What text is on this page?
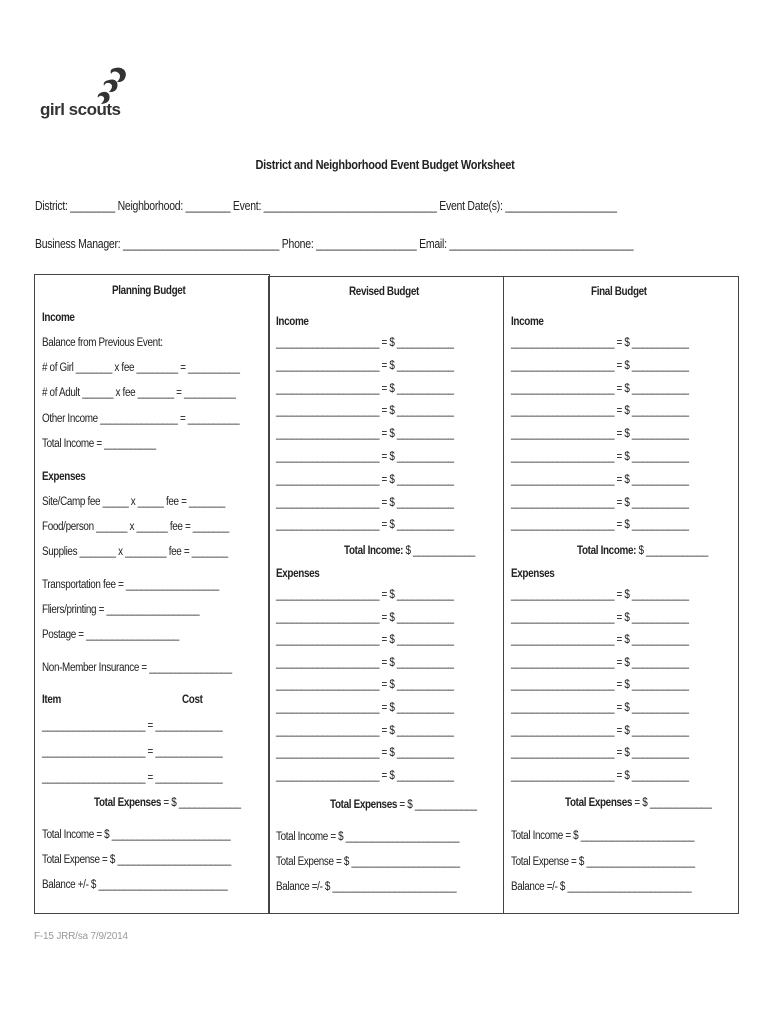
girl scouts
District and Neighborhood Event Budget Worksheet
District: ________ Neighborhood: ________ Event: _______________________________ Event Date(s): ____________________
Business Manager: ____________________________ Phone: __________________ Email: _________________________________
Planning Budget
Income
Balance from Previous Event:
# of Girl _______ x fee ________ = __________
# of Adult ______ x fee _______ = __________
Other Income _______________ = __________
Total Income = __________
Expenses
Site/Camp fee _____ x _____ fee = _______
Food/person ______ x ______ fee = _______
Supplies _______ x ________ fee = _______
Transportation fee = __________________
Fliers/printing = __________________
Postage = __________________
Non-Member Insurance = ________________
Item	Cost
____________________ = _____________
____________________ = _____________
____________________ = _____________
Total Expenses = $ ____________
Total Income = $ _______________________
Total Expense = $ ______________________
Balance +/- $ _________________________
Revised Budget
Income
____________________ = $ ___________
____________________ = $ ___________
____________________ = $ ___________
____________________ = $ ___________
____________________ = $ ___________
____________________ = $ ___________
____________________ = $ ___________
____________________ = $ ___________
____________________ = $ ___________
Total Income: $ ____________
Expenses
____________________ = $ ___________
____________________ = $ ___________
____________________ = $ ___________
____________________ = $ ___________
____________________ = $ ___________
____________________ = $ ___________
____________________ = $ ___________
____________________ = $ ___________
____________________ = $ ___________
Total Expenses = $ ____________
Total Income = $ ______________________
Total Expense = $ _____________________
Balance =/- $ ________________________
Final Budget
Income
____________________ = $ ___________
____________________ = $ ___________
____________________ = $ ___________
____________________ = $ ___________
____________________ = $ ___________
____________________ = $ ___________
____________________ = $ ___________
____________________ = $ ___________
____________________ = $ ___________
Total Income: $ ____________
Expenses
____________________ = $ ___________
____________________ = $ ___________
____________________ = $ ___________
____________________ = $ ___________
____________________ = $ ___________
____________________ = $ ___________
____________________ = $ ___________
____________________ = $ ___________
____________________ = $ ___________
Total Expenses = $ ____________
Total Income = $ ______________________
Total Expense = $ _____________________
Balance =/- $ ________________________
F-15 JRR/sa 7/9/2014
